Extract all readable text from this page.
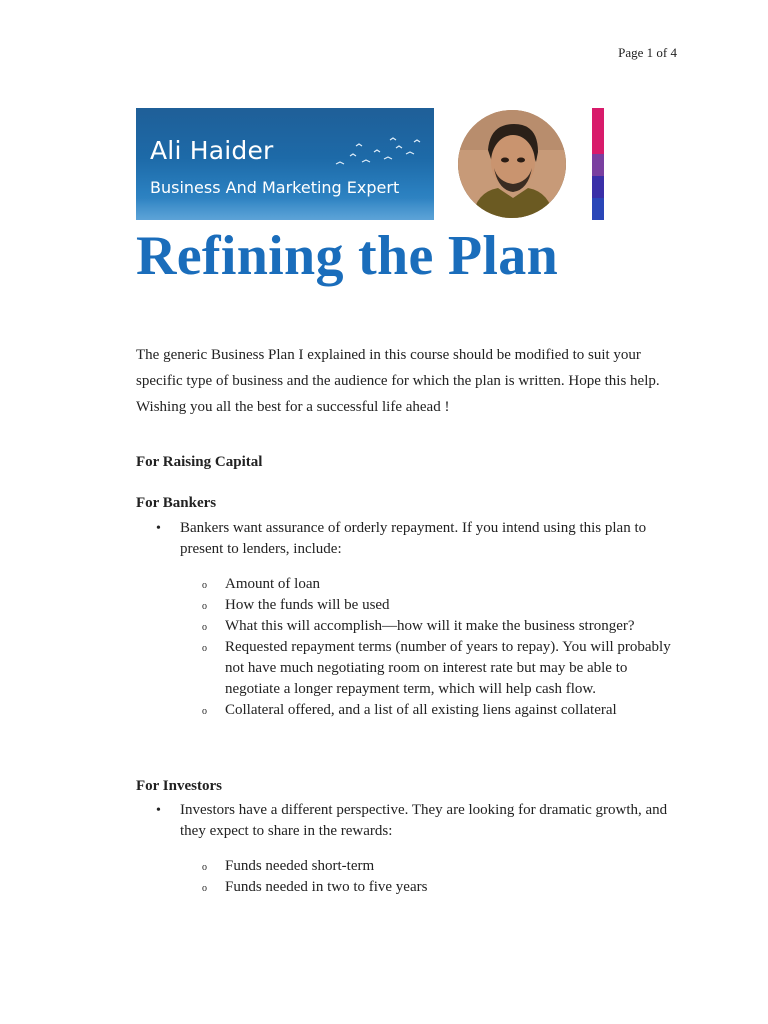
Page 1 of 4
Ali Haider
Business And Marketing Expert
Refining the Plan

The generic Business Plan I explained in this course should be modified to suit your specific type of business and the audience for which the plan is written. Hope this help. Wishing you all the best for a successful life ahead !

For Raising Capital
For Bankers
• Bankers want assurance of orderly repayment. If you intend using this plan to present to lenders, include:
o Amount of loan
o How the funds will be used
o What this will accomplish—how will it make the business stronger?
o Requested repayment terms (number of years to repay). You will probably not have much negotiating room on interest rate but may be able to negotiate a longer repayment term, which will help cash flow.
o Collateral offered, and a list of all existing liens against collateral
For Investors
• Investors have a different perspective. They are looking for dramatic growth, and they expect to share in the rewards:
o Funds needed short-term
o Funds needed in two to five years
